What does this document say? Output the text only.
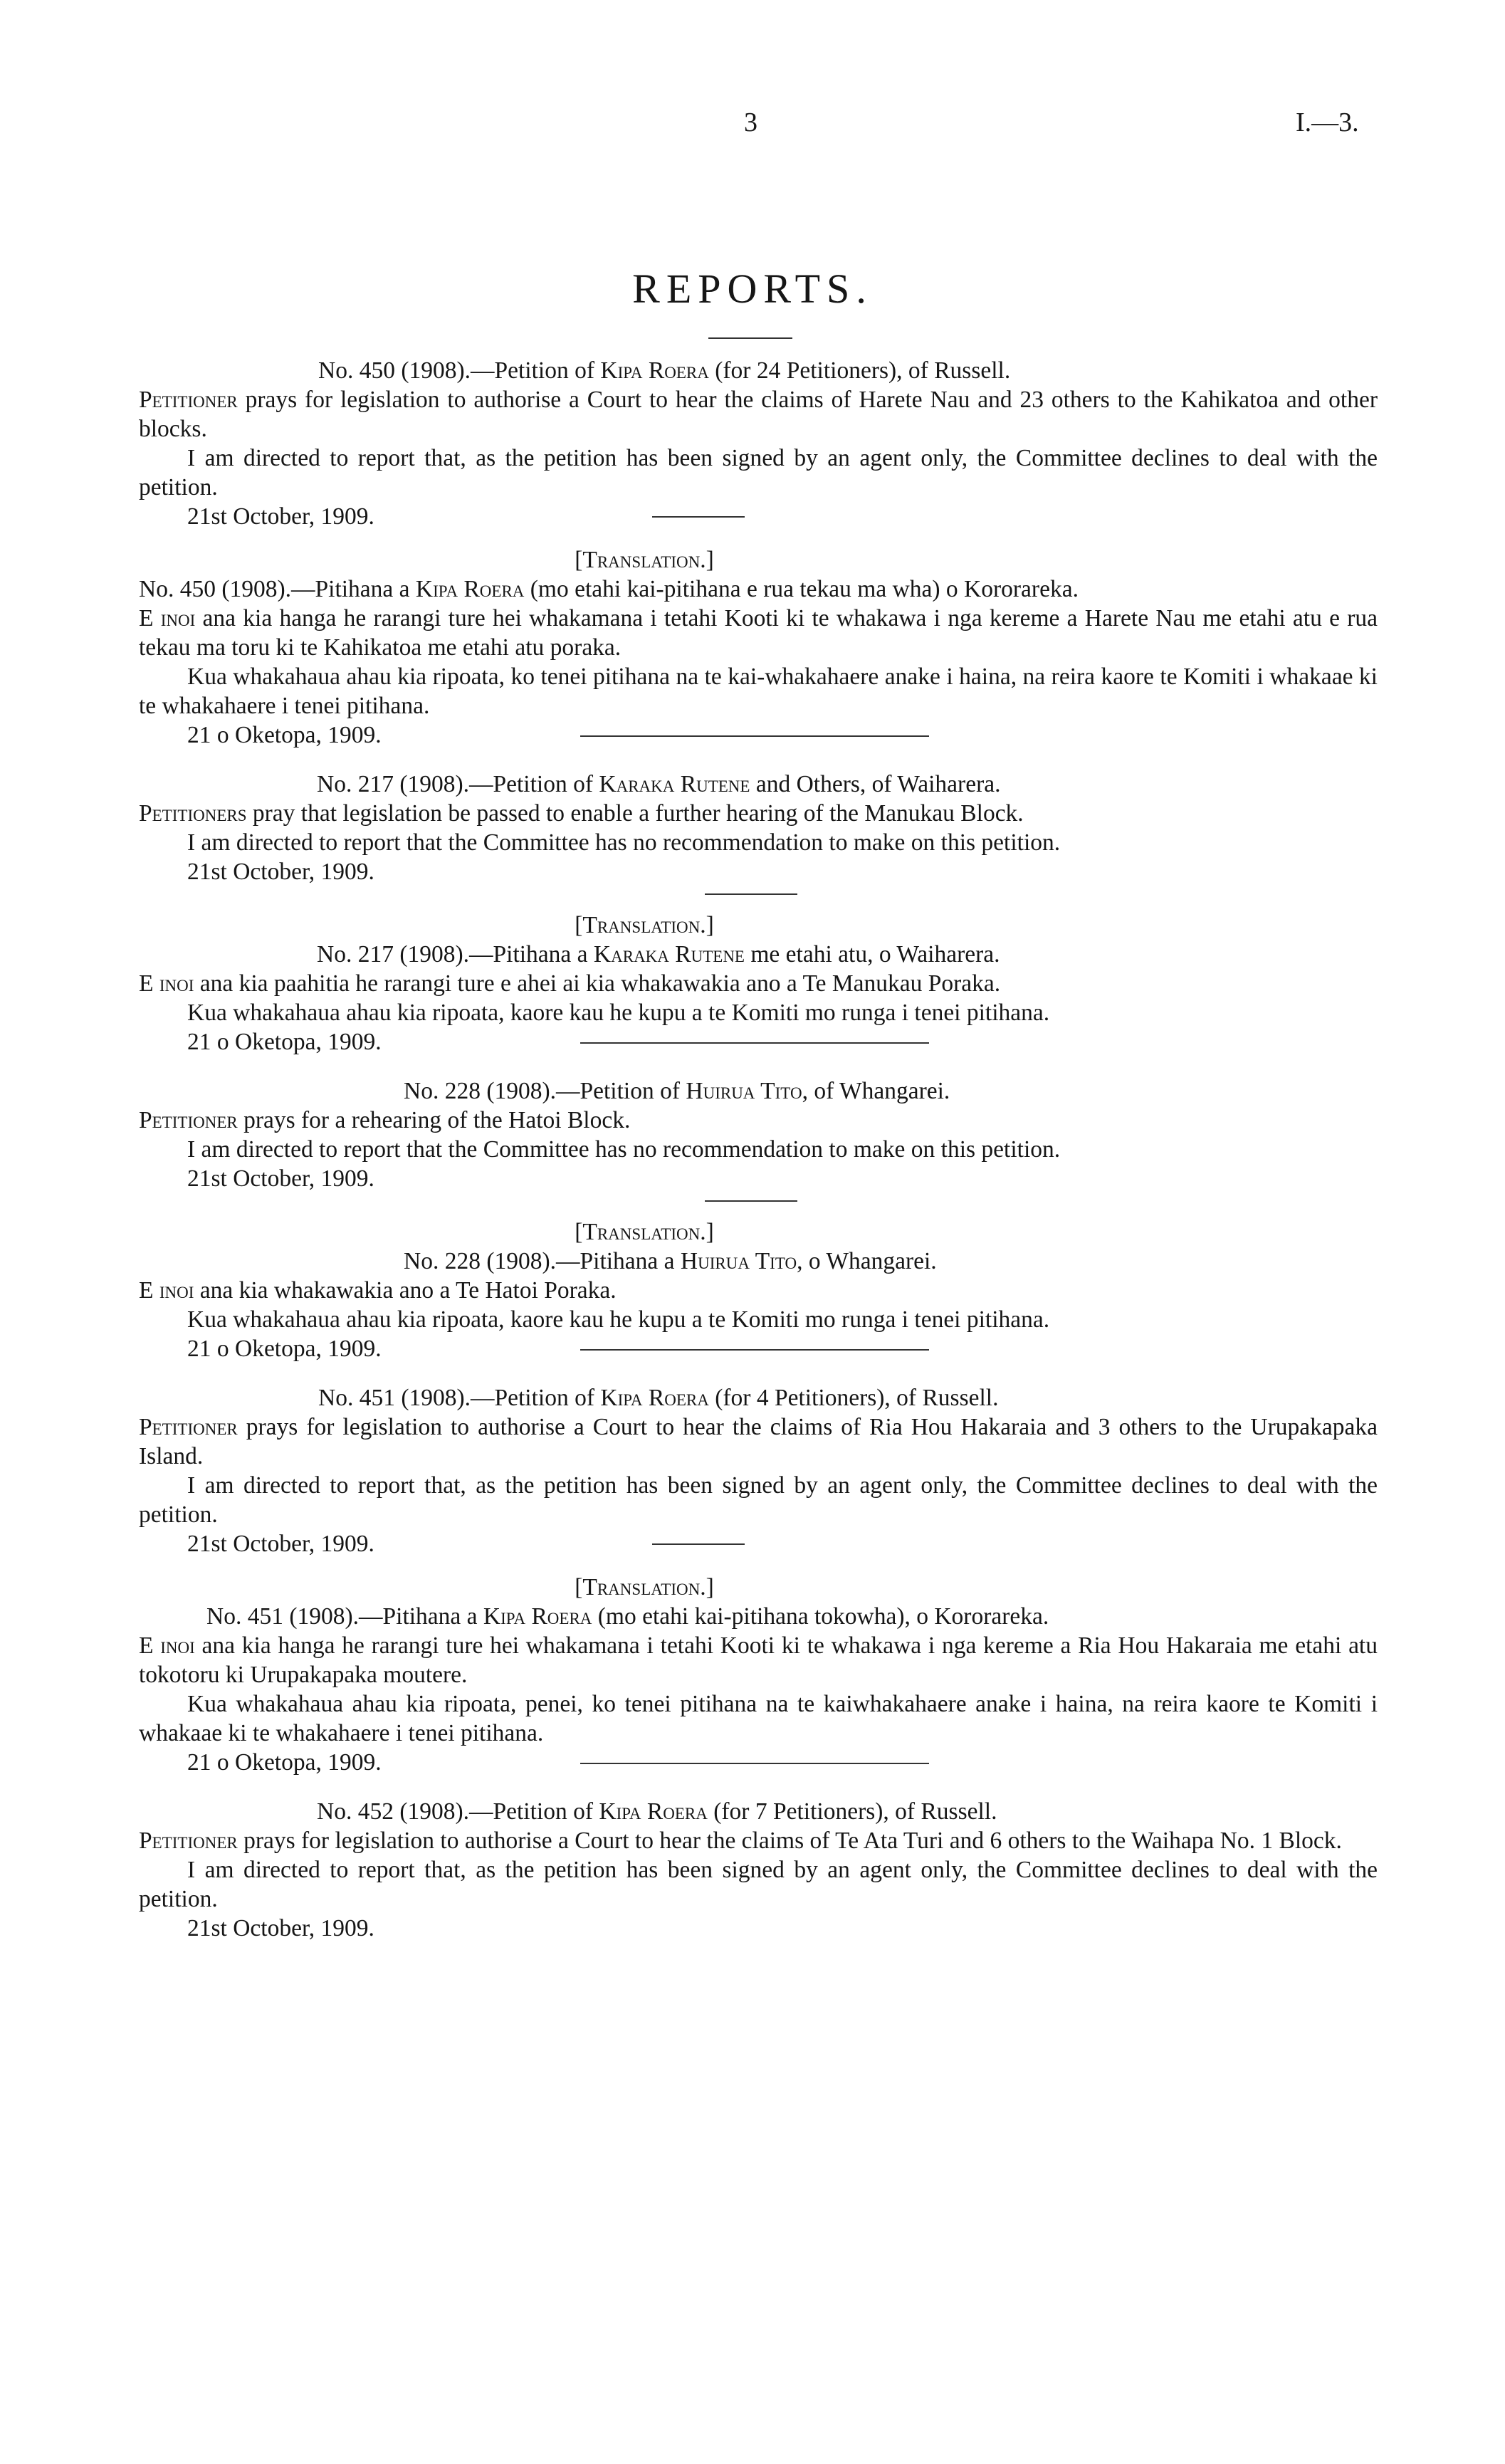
3	I.—3.
REPORTS.
No. 450 (1908).—Petition of Kipa Roera (for 24 Petitioners), of Russell.
Petitioner prays for legislation to authorise a Court to hear the claims of Harete Nau and 23 others to the Kahikatoa and other blocks.
I am directed to report that, as the petition has been signed by an agent only, the Committee declines to deal with the petition.
21st October, 1909.
[Translation.]
No. 450 (1908).—Pitihana a Kipa Roera (mo etahi kai-pitihana e rua tekau ma wha) o Kororareka.
E inoi ana kia hanga he rarangi ture hei whakamana i tetahi Kooti ki te whakawa i nga kereme a Harete Nau me etahi atu e rua tekau ma toru ki te Kahikatoa me etahi atu poraka.
Kua whakahaua ahau kia ripoata, ko tenei pitihana na te kai-whakahaere anake i haina, na reira kaore te Komiti i whakaae ki te whakahaere i tenei pitihana.
21 o Oketopa, 1909.
No. 217 (1908).—Petition of Karaka Rutene and Others, of Waiharera.
Petitioners pray that legislation be passed to enable a further hearing of the Manukau Block.
I am directed to report that the Committee has no recommendation to make on this petition.
21st October, 1909.
[Translation.]
No. 217 (1908).—Pitihana a Karaka Rutene me etahi atu, o Waiharera.
E inoi ana kia paahitia he rarangi ture e ahei ai kia whakawakia ano a Te Manukau Poraka.
Kua whakahaua ahau kia ripoata, kaore kau he kupu a te Komiti mo runga i tenei pitihana.
21 o Oketopa, 1909.
No. 228 (1908).—Petition of Huirua Tito, of Whangarei.
Petitioner prays for a rehearing of the Hatoi Block.
I am directed to report that the Committee has no recommendation to make on this petition.
21st October, 1909.
[Translation.]
No. 228 (1908).—Pitihana a Huirua Tito, o Whangarei.
E inoi ana kia whakawakia ano a Te Hatoi Poraka.
Kua whakahaua ahau kia ripoata, kaore kau he kupu a te Komiti mo runga i tenei pitihana.
21 o Oketopa, 1909.
No. 451 (1908).—Petition of Kipa Roera (for 4 Petitioners), of Russell.
Petitioner prays for legislation to authorise a Court to hear the claims of Ria Hou Hakaraia and 3 others to the Urupakapaka Island.
I am directed to report that, as the petition has been signed by an agent only, the Committee declines to deal with the petition.
21st October, 1909.
[Translation.]
No. 451 (1908).—Pitihana a Kipa Roera (mo etahi kai-pitihana tokowha), o Kororareka.
E inoi ana kia hanga he rarangi ture hei whakamana i tetahi Kooti ki te whakawa i nga kereme a Ria Hou Hakaraia me etahi atu tokotoru ki Urupakapaka moutere.
Kua whakahaua ahau kia ripoata, penei, ko tenei pitihana na te kaiwhakahaere anake i haina, na reira kaore te Komiti i whakaae ki te whakahaere i tenei pitihana.
21 o Oketopa, 1909.
No. 452 (1908).—Petition of Kipa Roera (for 7 Petitioners), of Russell.
Petitioner prays for legislation to authorise a Court to hear the claims of Te Ata Turi and 6 others to the Waihapa No. 1 Block.
I am directed to report that, as the petition has been signed by an agent only, the Committee declines to deal with the petition.
21st October, 1909.
